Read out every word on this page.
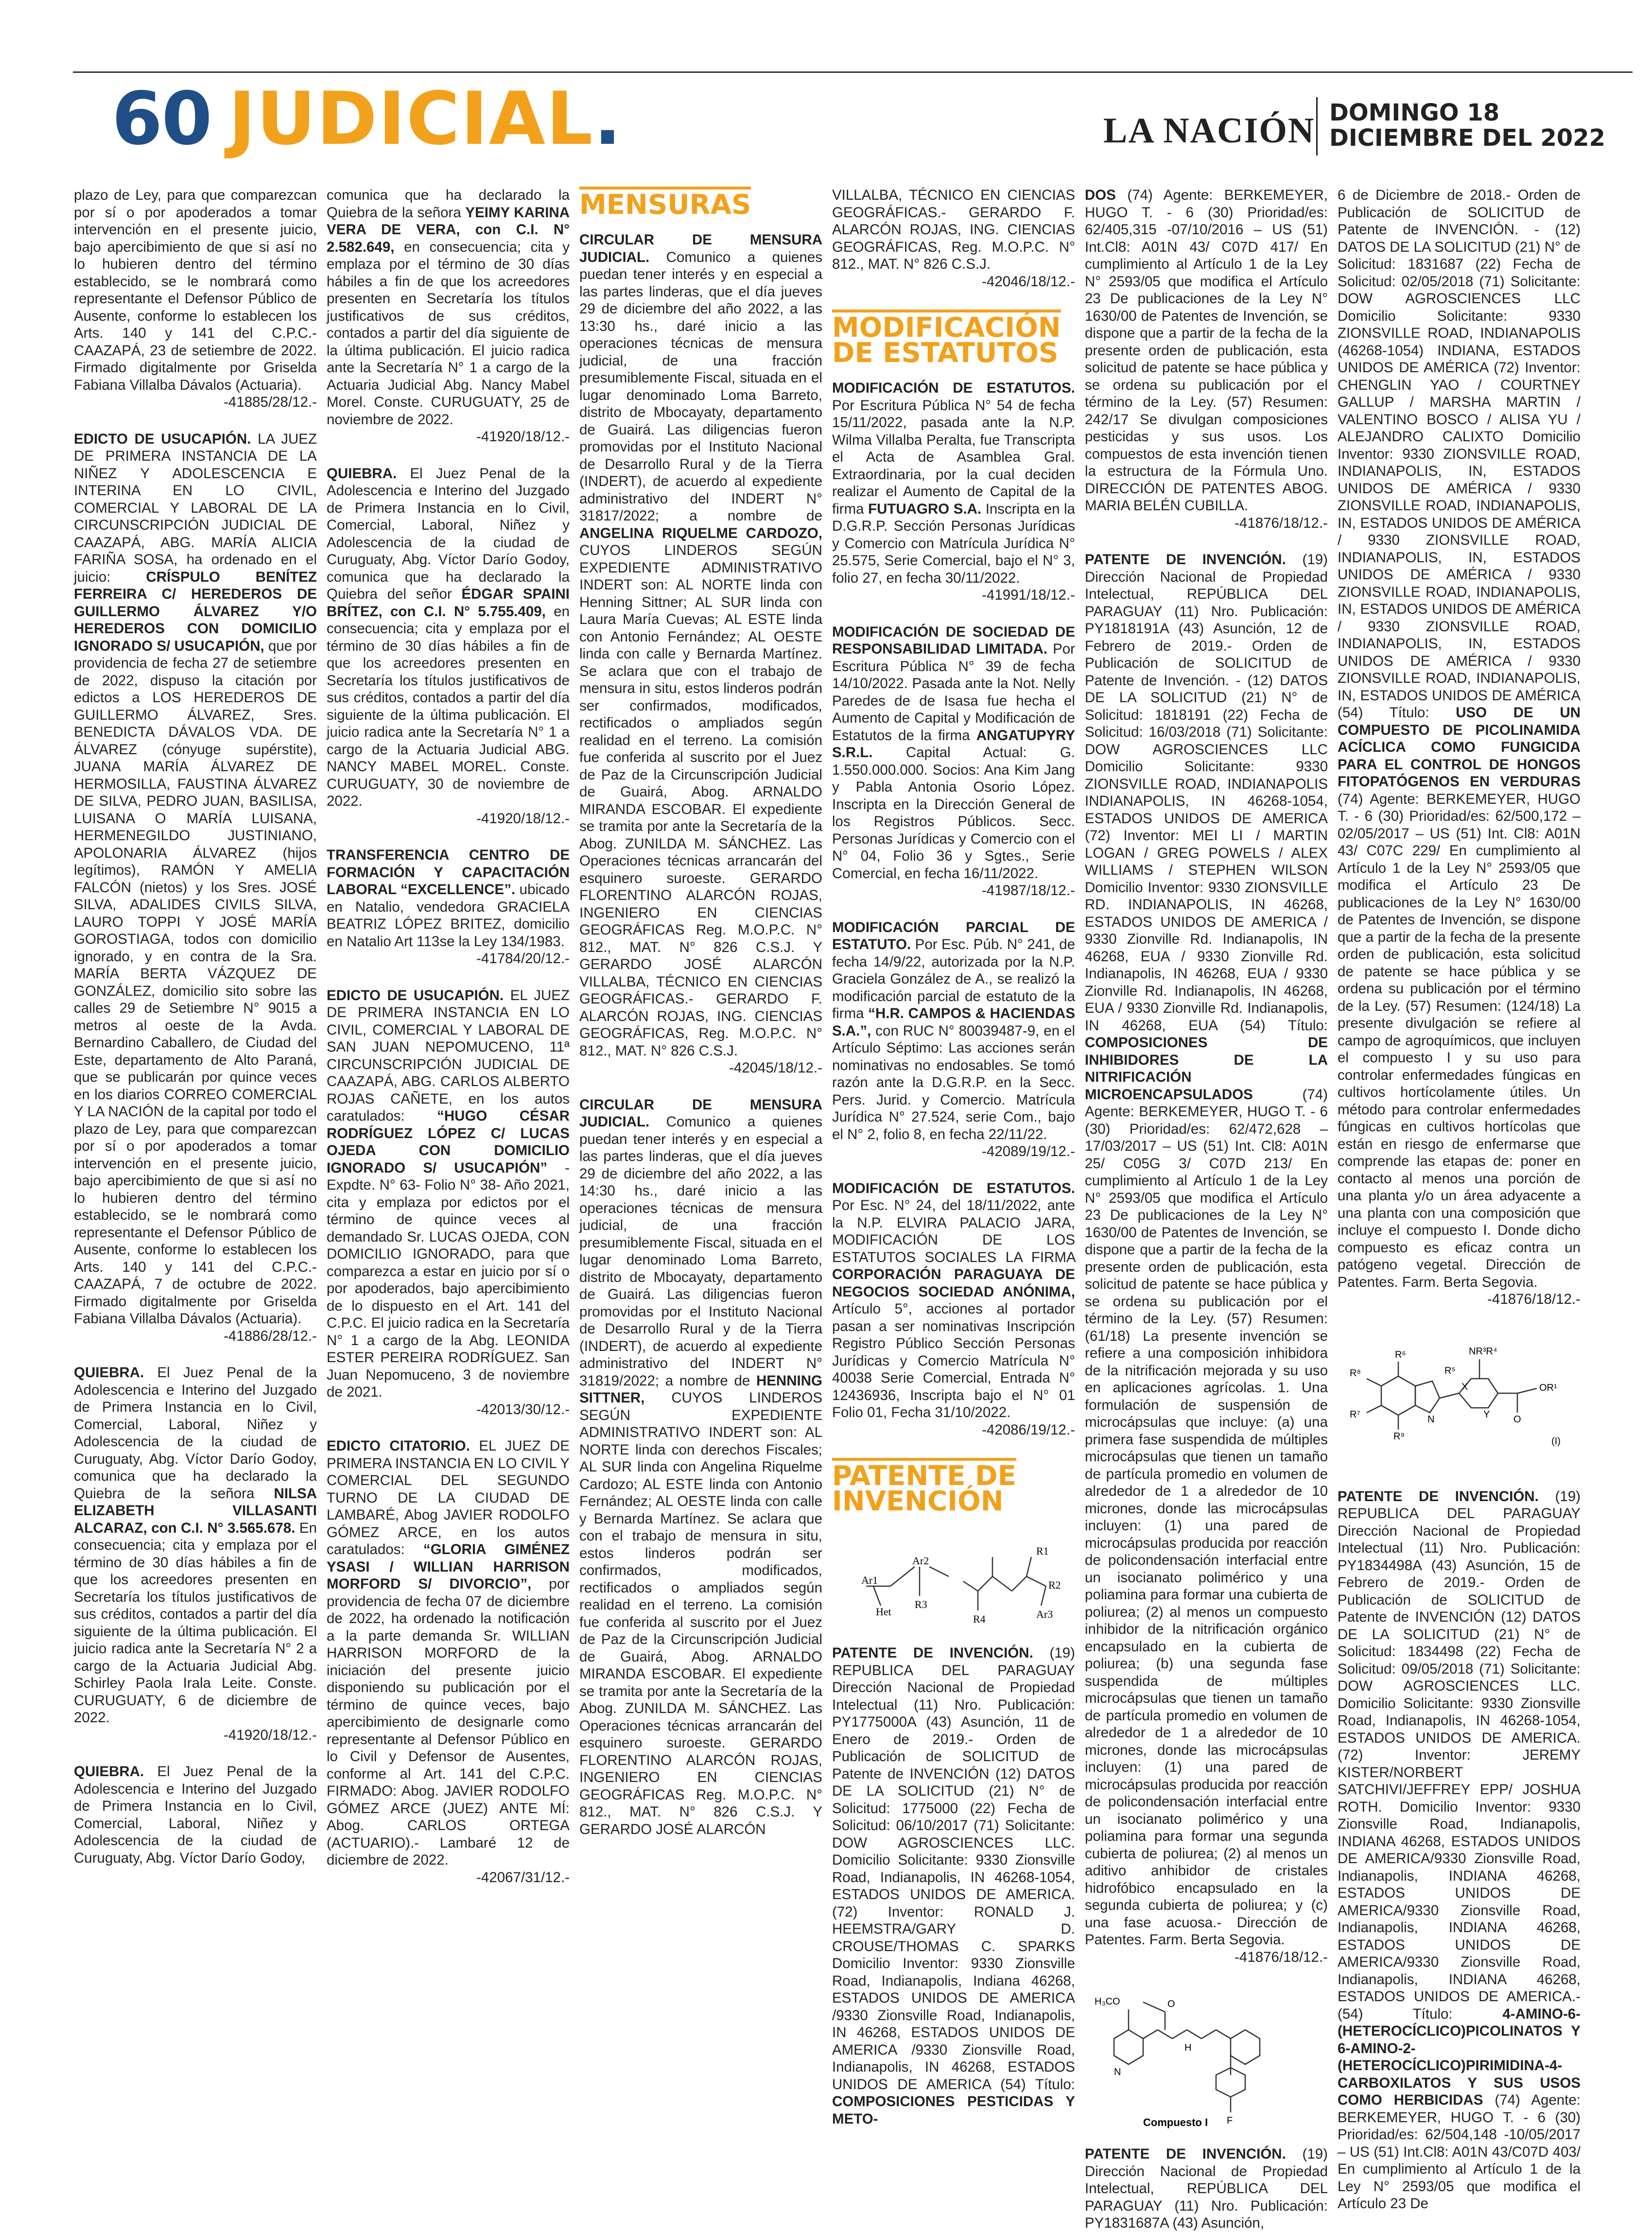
60 JUDICIAL.	LA NACIÓN DOMINGO 18
DICIEMBRE DEL 2022

plazo de Ley, para que comparezcan por sí o por apoderados a tomar intervención en el presente juicio, bajo apercibimiento de que si así no lo hubieren dentro del término establecido, se le nombrará como representante el Defensor Público de Ausente, conforme lo establecen los Arts. 140 y 141 del C.P.C.- CAAZAPÁ, 23 de setiembre de 2022. Firmado digitalmente por Griselda Fabiana Villalba Dávalos (Actuaria).
-41885/28/12.-

EDICTO DE USUCAPIÓN. LA JUEZ DE PRIMERA INSTANCIA DE LA NIÑEZ Y ADOLESCENCIA E INTERINA EN LO CIVIL, COMERCIAL Y LABORAL DE LA CIRCUNSCRIPCIÓN JUDICIAL DE CAAZAPÁ, ABG. MARÍA ALICIA FARIÑA SOSA, ha ordenado en el juicio: CRÍSPULO BENÍTEZ FERREIRA C/ HEREDEROS DE GUILLERMO ÁLVAREZ Y/O HEREDEROS CON DOMICILIO IGNORADO S/ USUCAPIÓN, que por providencia de fecha 27 de setiembre de 2022, dispuso la citación por edictos a LOS HEREDEROS DE GUILLERMO ÁLVAREZ, Sres. BENEDICTA DÁVALOS VDA. DE ÁLVAREZ (cónyuge supérstite), JUANA MARÍA ÁLVAREZ DE HERMOSILLA, FAUSTINA ÁLVAREZ DE SILVA, PEDRO JUAN, BASILISA, LUISANA O MARÍA LUISANA, HERMENEGILDO JUSTINIANO, APOLONARIA ÁLVAREZ (hijos legítimos), RAMÓN Y AMELIA FALCÓN (nietos) y los Sres. JOSÉ SILVA, ADALIDES CIVILS SILVA, LAURO TOPPI Y JOSÉ MARÍA GOROSTIAGA, todos con domicilio ignorado, y en contra de la Sra. MARÍA BERTA VÁZQUEZ DE GONZÁLEZ, domicilio sito sobre las calles 29 de Setiembre N° 9015 a metros al oeste de la Avda. Bernardino Caballero, de Ciudad del Este, departamento de Alto Paraná, que se publicarán por quince veces en los diarios CORREO COMERCIAL Y LA NACIÓN de la capital por todo el plazo de Ley, para que comparezcan por sí o por apoderados a tomar intervención en el presente juicio, bajo apercibimiento de que si así no lo hubieren dentro del término establecido, se le nombrará como representante el Defensor Público de Ausente, conforme lo establecen los Arts. 140 y 141 del C.P.C.- CAAZAPÁ, 7 de octubre de 2022. Firmado digitalmente por Griselda Fabiana Villalba Dávalos (Actuaria).
-41886/28/12.-

QUIEBRA. El Juez Penal de la Adolescencia e Interino del Juzgado de Primera Instancia en lo Civil, Comercial, Laboral, Niñez y Adolescencia de la ciudad de Curuguaty, Abg. Víctor Darío Godoy, comunica que ha declarado la Quiebra de la señora NILSA ELIZABETH VILLASANTI ALCARAZ, con C.I. N° 3.565.678. En consecuencia; cita y emplaza por el término de 30 días hábiles a fin de que los acreedores presenten en Secretaría los títulos justificativos de sus créditos, contados a partir del día siguiente de la última publicación. El juicio radica ante la Secretaría N° 2 a cargo de la Actuaria Judicial Abg. Schirley Paola Irala Leite. Conste. CURUGUATY, 6 de diciembre de 2022.
-41920/18/12.-

QUIEBRA. El Juez Penal de la Adolescencia e Interino del Juzgado de Primera Instancia en lo Civil, Comercial, Laboral, Niñez y Adolescencia de la ciudad de Curuguaty, Abg. Víctor Darío Godoy,

comunica que ha declarado la Quiebra de la señora YEIMY KARINA VERA DE VERA, con C.I. N° 2.582.649, en consecuencia; cita y emplaza por el término de 30 días hábiles a fin de que los acreedores presenten en Secretaría los títulos justificativos de sus créditos, contados a partir del día siguiente de la última publicación. El juicio radica ante la Secretaría N° 1 a cargo de la Actuaria Judicial Abg. Nancy Mabel Morel. Conste. CURUGUATY, 25 de noviembre de 2022.
-41920/18/12.-

QUIEBRA. El Juez Penal de la Adolescencia e Interino del Juzgado de Primera Instancia en lo Civil, Comercial, Laboral, Niñez y Adolescencia de la ciudad de Curuguaty, Abg. Víctor Darío Godoy, comunica que ha declarado la Quiebra del señor ÉDGAR SPAINI BRÍTEZ, con C.I. N° 5.755.409, en consecuencia; cita y emplaza por el término de 30 días hábiles a fin de que los acreedores presenten en Secretaría los títulos justificativos de sus créditos, contados a partir del día siguiente de la última publicación. El juicio radica ante la Secretaría N° 1 a cargo de la Actuaria Judicial ABG. NANCY MABEL MOREL. Conste. CURUGUATY, 30 de noviembre de 2022.
-41920/18/12.-

TRANSFERENCIA CENTRO DE FORMACIÓN Y CAPACITACIÓN LABORAL “EXCELLENCE”. ubicado en Natalio, vendedora GRACIELA BEATRIZ LÓPEZ BRITEZ, domicilio en Natalio Art 113se la Ley 134/1983.
-41784/20/12.-

EDICTO DE USUCAPIÓN. EL JUEZ DE PRIMERA INSTANCIA EN LO CIVIL, COMERCIAL Y LABORAL DE SAN JUAN NEPOMUCENO, 11ª CIRCUNSCRIPCIÓN JUDICIAL DE CAAZAPÁ, ABG. CARLOS ALBERTO ROJAS CAÑETE, en los autos caratulados: “HUGO CÉSAR RODRÍGUEZ LÓPEZ C/ LUCAS OJEDA CON DOMICILIO IGNORADO S/ USUCAPIÓN” - Expdte. N° 63- Folio N° 38- Año 2021, cita y emplaza por edictos por el término de quince veces al demandado Sr. LUCAS OJEDA, CON DOMICILIO IGNORADO, para que comparezca a estar en juicio por sí o por apoderados, bajo apercibimiento de lo dispuesto en el Art. 141 del C.P.C. El juicio radica en la Secretaría N° 1 a cargo de la Abg. LEONIDA ESTER PEREIRA RODRÍGUEZ. San Juan Nepomuceno, 3 de noviembre de 2021.
-42013/30/12.-

EDICTO CITATORIO. EL JUEZ DE PRIMERA INSTANCIA EN LO CIVIL Y COMERCIAL DEL SEGUNDO TURNO DE LA CIUDAD DE LAMBARÉ, Abog JAVIER RODOLFO GÓMEZ ARCE, en los autos caratulados: “GLORIA GIMÉNEZ YSASI / WILLIAN HARRISON MORFORD S/ DIVORCIO”, por providencia de fecha 07 de diciembre de 2022, ha ordenado la notificación a la parte demanda Sr. WILLIAN HARRISON MORFORD de la iniciación del presente juicio disponiendo su publicación por el término de quince veces, bajo apercibimiento de designarle como representante al Defensor Público en lo Civil y Defensor de Ausentes, conforme al Art. 141 del C.P.C. FIRMADO: Abog. JAVIER RODOLFO GÓMEZ ARCE (JUEZ) ANTE MÍ: Abog. CARLOS ORTEGA (ACTUARIO).- Lambaré 12 de diciembre de 2022.
-42067/31/12.-

MENSURAS

CIRCULAR DE MENSURA JUDICIAL. Comunico a quienes puedan tener interés y en especial a las partes linderas, que el día jueves 29 de diciembre del año 2022, a las 13:30 hs., daré inicio a las operaciones técnicas de mensura judicial, de una fracción presumiblemente Fiscal, situada en el lugar denominado Loma Barreto, distrito de Mbocayaty, departamento de Guairá. Las diligencias fueron promovidas por el Instituto Nacional de Desarrollo Rural y de la Tierra (INDERT), de acuerdo al expediente administrativo del INDERT N° 31817/2022; a nombre de ANGELINA RIQUELME CARDOZO, CUYOS LINDEROS SEGÚN EXPEDIENTE ADMINISTRATIVO INDERT son: AL NORTE linda con Henning Sittner; AL SUR linda con Laura María Cuevas; AL ESTE linda con Antonio Fernández; AL OESTE linda con calle y Bernarda Martínez. Se aclara que con el trabajo de mensura in situ, estos linderos podrán ser confirmados, modificados, rectificados o ampliados según realidad en el terreno. La comisión fue conferida al suscrito por el Juez de Paz de la Circunscripción Judicial de Guairá, Abog. ARNALDO MIRANDA ESCOBAR. El expediente se tramita por ante la Secretaría de la Abog. ZUNILDA M. SÁNCHEZ. Las Operaciones técnicas arrancarán del esquinero suroeste. GERARDO FLORENTINO ALARCÓN ROJAS, INGENIERO EN CIENCIAS GEOGRÁFICAS Reg. M.O.P.C. N° 812., MAT. N° 826 C.S.J. Y GERARDO JOSÉ ALARCÓN VILLALBA, TÉCNICO EN CIENCIAS GEOGRÁFICAS.- GERARDO F. ALARCÓN ROJAS, ING. CIENCIAS GEOGRÁFICAS, Reg. M.O.P.C. N° 812., MAT. N° 826 C.S.J.
-42045/18/12.-

CIRCULAR DE MENSURA JUDICIAL. Comunico a quienes puedan tener interés y en especial a las partes linderas, que el día jueves 29 de diciembre del año 2022, a las 14:30 hs., daré inicio a las operaciones técnicas de mensura judicial, de una fracción presumiblemente Fiscal, situada en el lugar denominado Loma Barreto, distrito de Mbocayaty, departamento de Guairá. Las diligencias fueron promovidas por el Instituto Nacional de Desarrollo Rural y de la Tierra (INDERT), de acuerdo al expediente administrativo del INDERT N° 31819/2022; a nombre de HENNING SITTNER, CUYOS LINDEROS SEGÚN EXPEDIENTE ADMINISTRATIVO INDERT son: AL NORTE linda con derechos Fiscales; AL SUR linda con Angelina Riquelme Cardozo; AL ESTE linda con Antonio Fernández; AL OESTE linda con calle y Bernarda Martínez. Se aclara que con el trabajo de mensura in situ, estos linderos podrán ser confirmados, modificados, rectificados o ampliados según realidad en el terreno. La comisión fue conferida al suscrito por el Juez de Paz de la Circunscripción Judicial de Guairá, Abog. ARNALDO MIRANDA ESCOBAR. El expediente se tramita por ante la Secretaría de la Abog. ZUNILDA M. SÁNCHEZ. Las Operaciones técnicas arrancarán del esquinero suroeste. GERARDO FLORENTINO ALARCÓN ROJAS, INGENIERO EN CIENCIAS GEOGRÁFICAS Reg. M.O.P.C. N° 812., MAT. N° 826 C.S.J. Y GERARDO JOSÉ ALARCÓN

VILLALBA, TÉCNICO EN CIENCIAS GEOGRÁFICAS.- GERARDO F. ALARCÓN ROJAS, ING. CIENCIAS GEOGRÁFICAS, Reg. M.O.P.C. N° 812., MAT. N° 826 C.S.J.
-42046/18/12.-

MODIFICACIÓN
DE ESTATUTOS

MODIFICACIÓN DE ESTATUTOS. Por Escritura Pública N° 54 de fecha 15/11/2022, pasada ante la N.P. Wilma Villalba Peralta, fue Transcripta el Acta de Asamblea Gral. Extraordinaria, por la cual deciden realizar el Aumento de Capital de la firma FUTUAGRO S.A. Inscripta en la D.G.R.P. Sección Personas Jurídicas y Comercio con Matrícula Jurídica N° 25.575, Serie Comercial, bajo el N° 3, folio 27, en fecha 30/11/2022.
-41991/18/12.-

MODIFICACIÓN DE SOCIEDAD DE RESPONSABILIDAD LIMITADA. Por Escritura Pública N° 39 de fecha 14/10/2022. Pasada ante la Not. Nelly Paredes de de Isasa fue hecha el Aumento de Capital y Modificación de Estatutos de la firma ANGATUPYRY S.R.L. Capital Actual: G. 1.550.000.000. Socios: Ana Kim Jang y Pabla Antonia Osorio López. Inscripta en la Dirección General de los Registros Públicos. Secc. Personas Jurídicas y Comercio con el N° 04, Folio 36 y Sgtes., Serie Comercial, en fecha 16/11/2022.
-41987/18/12.-

MODIFICACIÓN PARCIAL DE ESTATUTO. Por Esc. Púb. N° 241, de fecha 14/9/22, autorizada por la N.P. Graciela González de A., se realizó la modificación parcial de estatuto de la firma “H.R. CAMPOS & HACIENDAS S.A.”, con RUC N° 80039487-9, en el Artículo Séptimo: Las acciones serán nominativas no endosables. Se tomó razón ante la D.G.R.P. en la Secc. Pers. Jurid. y Comercio. Matrícula Jurídica N° 27.524, serie Com., bajo el N° 2, folio 8, en fecha 22/11/22.
-42089/19/12.-

MODIFICACIÓN DE ESTATUTOS. Por Esc. N° 24, del 18/11/2022, ante la N.P. ELVIRA PALACIO JARA, MODIFICACIÓN DE LOS ESTATUTOS SOCIALES LA FIRMA CORPORACIÓN PARAGUAYA DE NEGOCIOS SOCIEDAD ANÓNIMA, Artículo 5°, acciones al portador pasan a ser nominativas Inscripción Registro Público Sección Personas Jurídicas y Comercio Matrícula N° 40038 Serie Comercial, Entrada N° 12436936, Inscripta bajo el N° 01 Folio 01, Fecha 31/10/2022.
-42086/19/12.-

PATENTE DE
INVENCIÓN
Ar1
Ar2
Het
R3
R4
R1
R2
Ar3

PATENTE DE INVENCIÓN. (19) REPUBLICA DEL PARAGUAY Dirección Nacional de Propiedad Intelectual (11) Nro. Publicación: PY1775000A (43) Asunción, 11 de Enero de 2019.- Orden de Publicación de SOLICITUD de Patente de INVENCIÓN (12) DATOS DE LA SOLICITUD (21) N° de Solicitud: 1775000 (22) Fecha de Solicitud: 06/10/2017 (71) Solicitante: DOW AGROSCIENCES LLC. Domicilio Solicitante: 9330 Zionsville Road, Indianapolis, IN 46268-1054, ESTADOS UNIDOS DE AMERICA. (72) Inventor: RONALD J. HEEMSTRA/GARY D. CROUSE/THOMAS C. SPARKS Domicilio Inventor: 9330 Zionsville Road, Indianapolis, Indiana 46268, ESTADOS UNIDOS DE AMERICA /9330 Zionsville Road, Indianapolis, IN 46268, ESTADOS UNIDOS DE AMERICA /9330 Zionsville Road, Indianapolis, IN 46268, ESTADOS UNIDOS DE AMERICA (54) Título: COMPOSICIONES PESTICIDAS Y METO-

DOS (74) Agente: BERKEMEYER, HUGO T. - 6 (30) Prioridad/es: 62/405,315 -07/10/2016 – US (51) Int.Cl8: A01N 43/ C07D 417/ En cumplimiento al Artículo 1 de la Ley N° 2593/05 que modifica el Artículo 23 De publicaciones de la Ley N° 1630/00 de Patentes de Invención, se dispone que a partir de la fecha de la presente orden de publicación, esta solicitud de patente se hace pública y se ordena su publicación por el término de la Ley. (57) Resumen: 242/17 Se divulgan composiciones pesticidas y sus usos. Los compuestos de esta invención tienen la estructura de la Fórmula Uno. DIRECCIÓN DE PATENTES ABOG. MARIA BELÉN CUBILLA.
-41876/18/12.-

PATENTE DE INVENCIÓN. (19) Dirección Nacional de Propiedad Intelectual, REPÚBLICA DEL PARAGUAY (11) Nro. Publicación: PY1818191A (43) Asunción, 12 de Febrero de 2019.- Orden de Publicación de SOLICITUD de Patente de Invención. - (12) DATOS DE LA SOLICITUD (21) N° de Solicitud: 1818191 (22) Fecha de Solicitud: 16/03/2018 (71) Solicitante: DOW AGROSCIENCES LLC Domicilio Solicitante: 9330 ZIONSVILLE ROAD, INDIANAPOLIS INDIANAPOLIS, IN 46268-1054, ESTADOS UNIDOS DE AMERICA (72) Inventor: MEI LI / MARTIN LOGAN / GREG POWELS / ALEX WILLIAMS / STEPHEN WILSON Domicilio Inventor: 9330 ZIONSVILLE RD. INDIANAPOLIS, IN 46268, ESTADOS UNIDOS DE AMERICA / 9330 Zionville Rd. Indianapolis, IN 46268, EUA / 9330 Zionville Rd. Indianapolis, IN 46268, EUA / 9330 Zionville Rd. Indianapolis, IN 46268, EUA / 9330 Zionville Rd. Indianapolis, IN 46268, EUA (54) Título: COMPOSICIONES DE INHIBIDORES DE LA NITRIFICACIÓN MICROENCAPSULADOS	(74) Agente: BERKEMEYER, HUGO T. - 6 (30) Prioridad/es: 62/472,628 – 17/03/2017 – US (51) Int. Cl8: A01N 25/ C05G 3/ C07D 213/ En cumplimiento al Artículo 1 de la Ley N° 2593/05 que modifica el Artículo 23 De publicaciones de la Ley N° 1630/00 de Patentes de Invención, se dispone que a partir de la fecha de la presente orden de publicación, esta solicitud de patente se hace pública y se ordena su publicación por el término de la Ley. (57) Resumen: (61/18) La presente invención se refiere a una composición inhibidora de la nitrificación mejorada y su uso en aplicaciones agrícolas. 1. Una formulación de suspensión de microcápsulas que incluye: (a) una primera fase suspendida de múltiples microcápsulas que tienen un tamaño de partícula promedio en volumen de alrededor de 1 a alrededor de 10 micrones, donde las microcápsulas incluyen: (1) una pared de microcápsulas producida por reacción de policondensación interfacial entre un isocianato polimérico y una poliamina para formar una cubierta de poliurea; (2) al menos un compuesto inhibidor de la nitrificación orgánico encapsulado en la cubierta de poliurea; (b) una segunda fase suspendida de múltiples microcápsulas que tienen un tamaño de partícula promedio en volumen de alrededor de 1 a alrededor de 10 micrones, donde las microcápsulas incluyen: (1) una pared de microcápsulas producida por reacción de policondensación interfacial entre un isocianato polimérico y una poliamina para formar una segunda cubierta de poliurea; (2) al menos un aditivo anhibidor de cristales hidrofóbico encapsulado en la segunda cubierta de poliurea; y (c) una fase acuosa.- Dirección de Patentes. Farm. Berta Segovia.
-41876/18/12.-

H₃CO	O
N
H
F
Compuesto I

PATENTE DE INVENCIÓN. (19) Dirección Nacional de Propiedad Intelectual, REPÚBLICA DEL PARAGUAY (11) Nro. Publicación: PY1831687A (43) Asunción,

6 de Diciembre de 2018.- Orden de Publicación de SOLICITUD de Patente de INVENCIÓN. - (12) DATOS DE LA SOLICITUD (21) N° de Solicitud: 1831687 (22) Fecha de Solicitud: 02/05/2018 (71) Solicitante: DOW AGROSCIENCES LLC Domicilio Solicitante: 9330 ZIONSVILLE ROAD, INDIANAPOLIS (46268-1054) INDIANA, ESTADOS UNIDOS DE AMÉRICA (72) Inventor: CHENGLIN YAO / COURTNEY GALLUP / MARSHA MARTIN / VALENTINO BOSCO / ALISA YU / ALEJANDRO CALIXTO Domicilio Inventor: 9330 ZIONSVILLE ROAD, INDIANAPOLIS, IN, ESTADOS UNIDOS DE AMÉRICA / 9330 ZIONSVILLE ROAD, INDIANAPOLIS, IN, ESTADOS UNIDOS DE AMÉRICA / 9330 ZIONSVILLE ROAD, INDIANAPOLIS, IN, ESTADOS UNIDOS DE AMÉRICA / 9330 ZIONSVILLE ROAD, INDIANAPOLIS, IN, ESTADOS UNIDOS DE AMÉRICA / 9330 ZIONSVILLE ROAD, INDIANAPOLIS, IN, ESTADOS UNIDOS DE AMÉRICA / 9330 ZIONSVILLE ROAD, INDIANAPOLIS, IN, ESTADOS UNIDOS DE AMÉRICA (54) Título: USO DE UN COMPUESTO DE PICOLINAMIDA ACÍCLICA COMO FUNGICIDA PARA EL CONTROL DE HONGOS FITOPATÓGENOS EN VERDURAS (74) Agente: BERKEMEYER, HUGO T. - 6 (30) Prioridad/es: 62/500,172 – 02/05/2017 – US (51) Int. Cl8: A01N 43/ C07C 229/ En cumplimiento al Artículo 1 de la Ley N° 2593/05 que modifica el Artículo 23 De publicaciones de la Ley N° 1630/00 de Patentes de Invención, se dispone que a partir de la fecha de la presente orden de publicación, esta solicitud de patente se hace pública y se ordena su publicación por el término de la Ley. (57) Resumen: (124/18) La presente divulgación se refiere al campo de agroquímicos, que incluyen el compuesto I y su uso para controlar enfermedades fúngicas en cultivos hortícolamente útiles. Un método para controlar enfermedades fúngicas en cultivos hortícolas que están en riesgo de enfermarse que comprende las etapas de: poner en contacto al menos una porción de una planta y/o un área adyacente a una planta con una composición que incluye el compuesto I. Donde dicho compuesto es eficaz contra un patógeno vegetal. Dirección de Patentes. Farm. Berta Segovia.
-41876/18/12.-

NR³R⁴
R⁶
R⁵
R⁸
R⁷
R⁹
N
X
Y
OR¹
O
(I)

PATENTE DE INVENCIÓN. (19) REPUBLICA DEL PARAGUAY Dirección Nacional de Propiedad Intelectual (11) Nro. Publicación: PY1834498A (43) Asunción, 15 de Febrero de 2019.- Orden de Publicación de SOLICITUD de Patente de INVENCIÓN (12) DATOS DE LA SOLICITUD (21) N° de Solicitud: 1834498 (22) Fecha de Solicitud: 09/05/2018 (71) Solicitante: DOW AGROSCIENCES LLC. Domicilio Solicitante: 9330 Zionsville Road, Indianapolis, IN 46268-1054, ESTADOS UNIDOS DE AMERICA. (72) Inventor: JEREMY KISTER/NORBERT SATCHIVI/JEFFREY EPP/ JOSHUA ROTH. Domicilio Inventor: 9330 Zionsville Road, Indianapolis, INDIANA 46268, ESTADOS UNIDOS DE AMERICA/9330 Zionsville Road, Indianapolis, INDIANA 46268, ESTADOS UNIDOS DE AMERICA/9330 Zionsville Road, Indianapolis, INDIANA 46268, ESTADOS UNIDOS DE AMERICA/9330 Zionsville Road, Indianapolis, INDIANA 46268, ESTADOS UNIDOS DE AMERICA.- (54) Título:	4-AMINO-6-(HETEROCÍCLICO)PICOLINATOS Y 6-AMINO-2-(HETEROCÍCLICO)PIRIMIDINA-4- CARBOXILATOS Y SUS USOS COMO HERBICIDAS (74) Agente: BERKEMEYER, HUGO T. - 6 (30) Prioridad/es: 62/504,148 -10/05/2017 – US (51) Int.Cl8: A01N 43/C07D 403/ En cumplimiento al Artículo 1 de la Ley N° 2593/05 que modifica el Artículo 23 De
